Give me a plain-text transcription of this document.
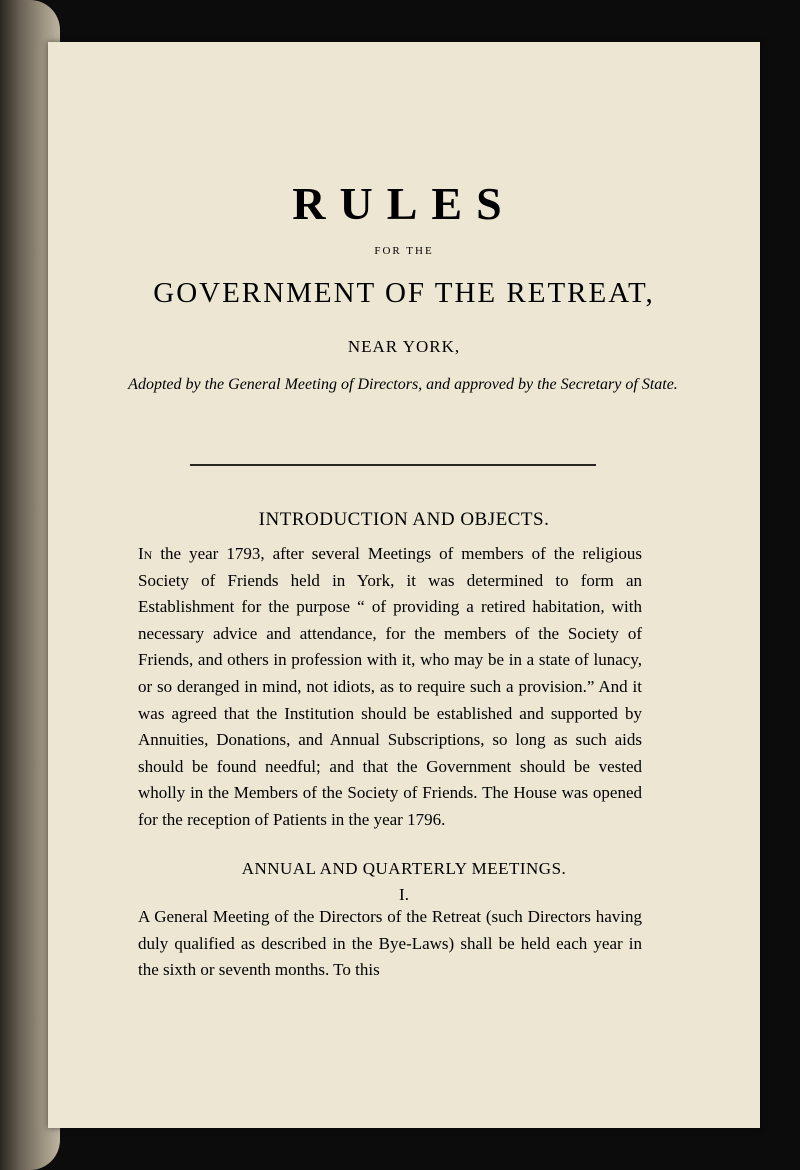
RULES
FOR THE
GOVERNMENT OF THE RETREAT,
NEAR YORK,
Adopted by the General Meeting of Directors, and approved by the Secretary of State.
INTRODUCTION AND OBJECTS.
In the year 1793, after several Meetings of members of the religious Society of Friends held in York, it was determined to form an Establishment for the purpose “ of providing a retired habitation, with necessary advice and attendance, for the members of the Society of Friends, and others in profession with it, who may be in a state of lunacy, or so deranged in mind, not idiots, as to require such a provision.” And it was agreed that the Institution should be established and supported by Annuities, Donations, and Annual Subscriptions, so long as such aids should be found needful; and that the Government should be vested wholly in the Members of the Society of Friends. The House was opened for the reception of Patients in the year 1796.
ANNUAL AND QUARTERLY MEETINGS.
I.
A General Meeting of the Directors of the Retreat (such Directors having duly qualified as described in the Bye-Laws) shall be held each year in the sixth or seventh months. To this
